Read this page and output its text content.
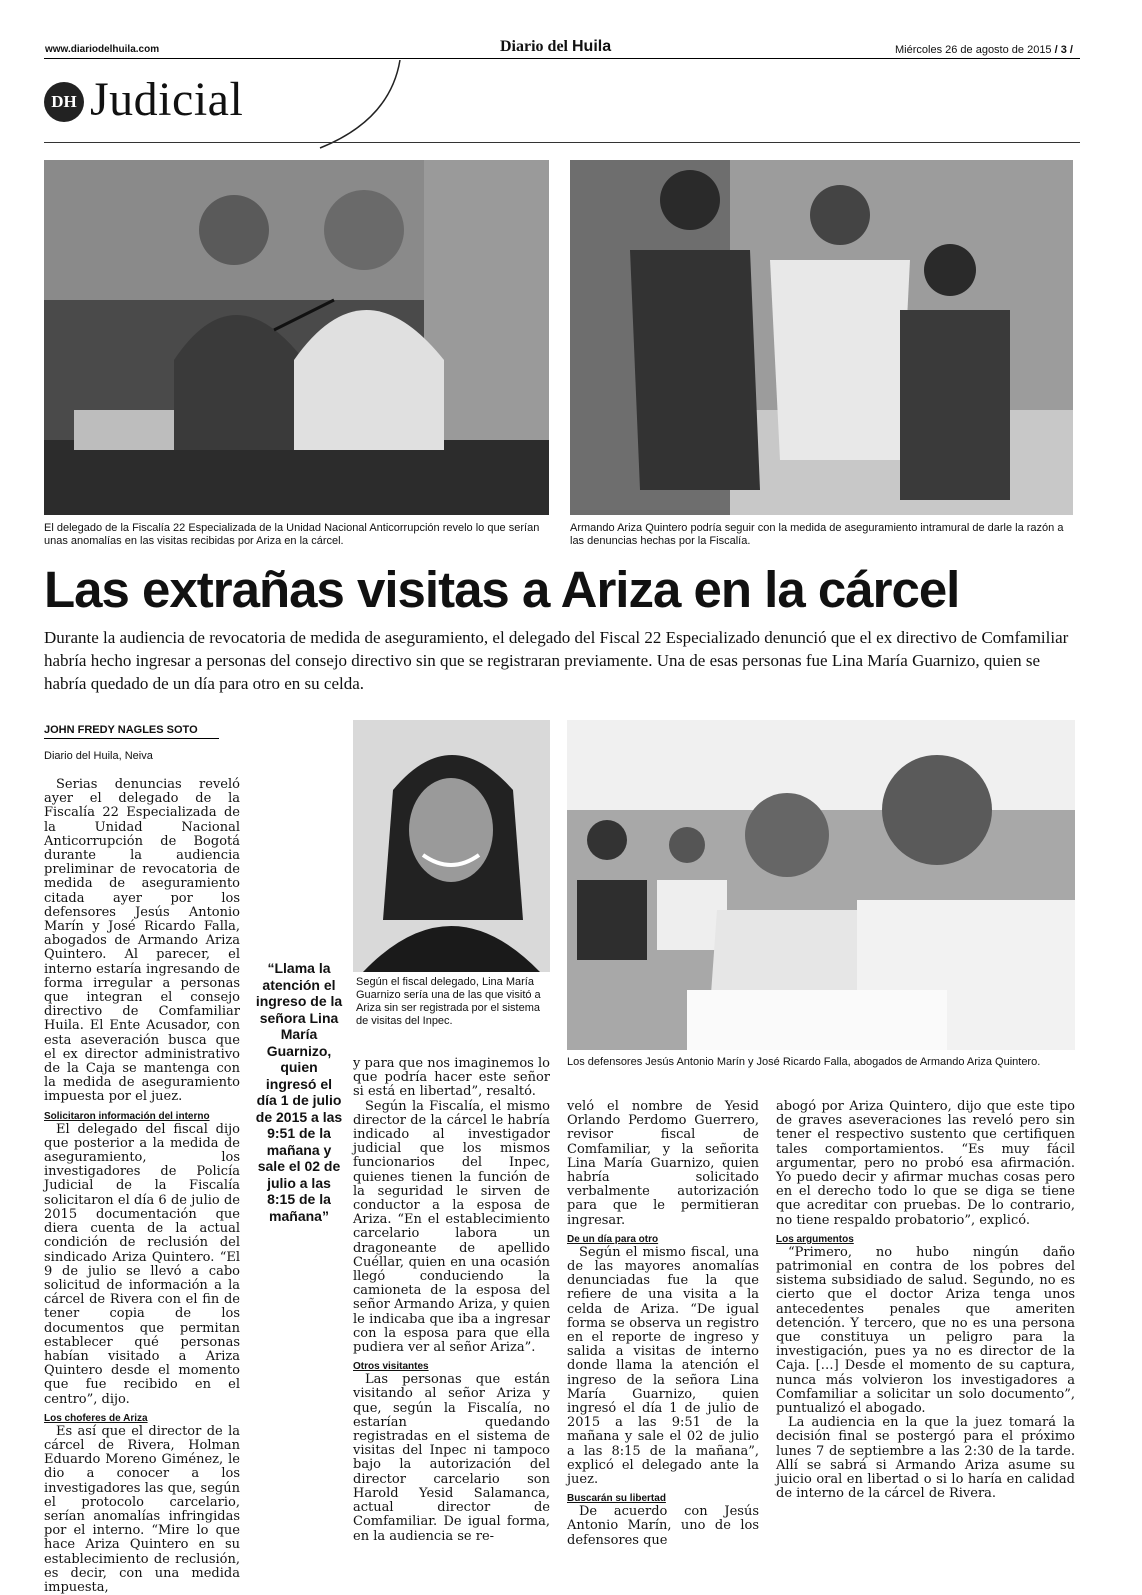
www.diariodelhuila.com	Diario del Huila	Miércoles 26 de agosto de 2015 / 3 /
DH Judicial
El delegado de la Fiscalía 22 Especializada de la Unidad Nacional Anticorrupción revelo lo que serían unas anomalías en las visitas recibidas por Ariza en la cárcel.
Armando Ariza Quintero podría seguir con la medida de aseguramiento intramural de darle la razón a las denuncias hechas por la Fiscalía.
Las extrañas visitas a Ariza en la cárcel
Durante la audiencia de revocatoria de medida de aseguramiento, el delegado del Fiscal 22 Especializado denunció que el ex directivo de Comfamiliar habría hecho ingresar a personas del consejo directivo sin que se registraran previamente. Una de esas personas fue Lina María Guarnizo, quien se habría quedado de un día para otro en su celda.
JOHN FREDY NAGLES SOTO
Diario del Huila, Neiva

Serias denuncias reveló ayer el delegado de la Fiscalía 22 Especializada de la Unidad Nacional Anticorrupción de Bogotá durante la audiencia preliminar de revocatoria de medida de aseguramiento citada ayer por los defensores Jesús Antonio Marín y José Ricardo Falla, abogados de Armando Ariza Quintero. Al parecer, el interno estaría ingresando de forma irregular a personas que integran el consejo directivo de Comfamiliar Huila. El Ente Acusador, con esta aseveración busca que el ex director administrativo de la Caja se mantenga con la medida de aseguramiento impuesta por el juez.

Solicitaron información del interno

El delegado del fiscal dijo que posterior a la medida de aseguramiento, los investigadores de Policía Judicial de la Fiscalía solicitaron el día 6 de julio de 2015 documentación que diera cuenta de la actual condición de reclusión del sindicado Ariza Quintero. “El 9 de julio se llevó a cabo solicitud de información a la cárcel de Rivera con el fin de tener copia de los documentos que permitan establecer qué personas habían visitado a Ariza Quintero desde el momento que fue recibido en el centro”, dijo.

Los choferes de Ariza

Es así que el director de la cárcel de Rivera, Holman Eduardo Moreno Giménez, le dio a conocer a los investigadores las que, según el protocolo carcelario, serían anomalías infringidas por el interno. “Mire lo que hace Ariza Quintero en su establecimiento de reclusión, es decir, con una medida impuesta,

“Llama la atención el ingreso de la señora Lina María Guarnizo, quien ingresó el día 1 de julio de 2015 a las 9:51 de la mañana y sale el 02 de julio a las 8:15 de la mañana”
Según el fiscal delegado, Lina María Guarnizo sería una de las que visitó a Ariza sin ser registrada por el sistema de visitas del Inpec.

y para que nos imaginemos lo que podría hacer este señor si está en libertad”, resaltó.

Según la Fiscalía, el mismo director de la cárcel le habría indicado al investigador judicial que los mismos funcionarios del Inpec, quienes tienen la función de la seguridad le sirven de conductor a la esposa de Ariza. “En el establecimiento carcelario labora un dragoneante de apellido Cuéllar, quien en una ocasión llegó conduciendo la camioneta de la esposa del señor Armando Ariza, y quien le indicaba que iba a ingresar con la esposa para que ella pudiera ver al señor Ariza”.

Otros visitantes

Las personas que están visitando al señor Ariza y que, según la Fiscalía, no estarían quedando registradas en el sistema de visitas del Inpec ni tampoco bajo la autorización del director carcelario son Harold Yesid Salamanca, actual director de Comfamiliar. De igual forma, en la audiencia se re-

Los defensores Jesús Antonio Marín y José Ricardo Falla, abogados de Armando Ariza Quintero.

veló el nombre de Yesid Orlando Perdomo Guerrero, revisor fiscal de Comfamiliar, y la señorita Lina María Guarnizo, quien habría solicitado verbalmente autorización para que le permitieran ingresar.

De un día para otro

Según el mismo fiscal, una de las mayores anomalías denunciadas fue la que refiere de una visita a la celda de Ariza. “De igual forma se observa un registro en el reporte de ingreso y salida a visitas de interno donde llama la atención el ingreso de la señora Lina María Guarnizo, quien ingresó el día 1 de julio de 2015 a las 9:51 de la mañana y sale el 02 de julio a las 8:15 de la mañana”, explicó el delegado ante la juez.

Buscarán su libertad

De acuerdo con Jesús Antonio Marín, uno de los defensores que

abogó por Ariza Quintero, dijo que este tipo de graves aseveraciones las reveló pero sin tener el respectivo sustento que certifiquen tales comportamientos. “Es muy fácil argumentar, pero no probó esa afirmación. Yo puedo decir y afirmar muchas cosas pero en el derecho todo lo que se diga se tiene que acreditar con pruebas. De lo contrario, no tiene respaldo probatorio”, explicó.

Los argumentos

“Primero, no hubo ningún daño patrimonial en contra de los pobres del sistema subsidiado de salud. Segundo, no es cierto que el doctor Ariza tenga unos antecedentes penales que ameriten detención. Y tercero, que no es una persona que constituya un peligro para la investigación, pues ya no es director de la Caja. […] Desde el momento de su captura, nunca más volvieron los investigadores a Comfamiliar a solicitar un solo documento”, puntualizó el abogado.

La audiencia en la que la juez tomará la decisión final se postergó para el próximo lunes 7 de septiembre a las 2:30 de la tarde. Allí se sabrá si Armando Ariza asume su juicio oral en libertad o si lo haría en calidad de interno de la cárcel de Rivera.
